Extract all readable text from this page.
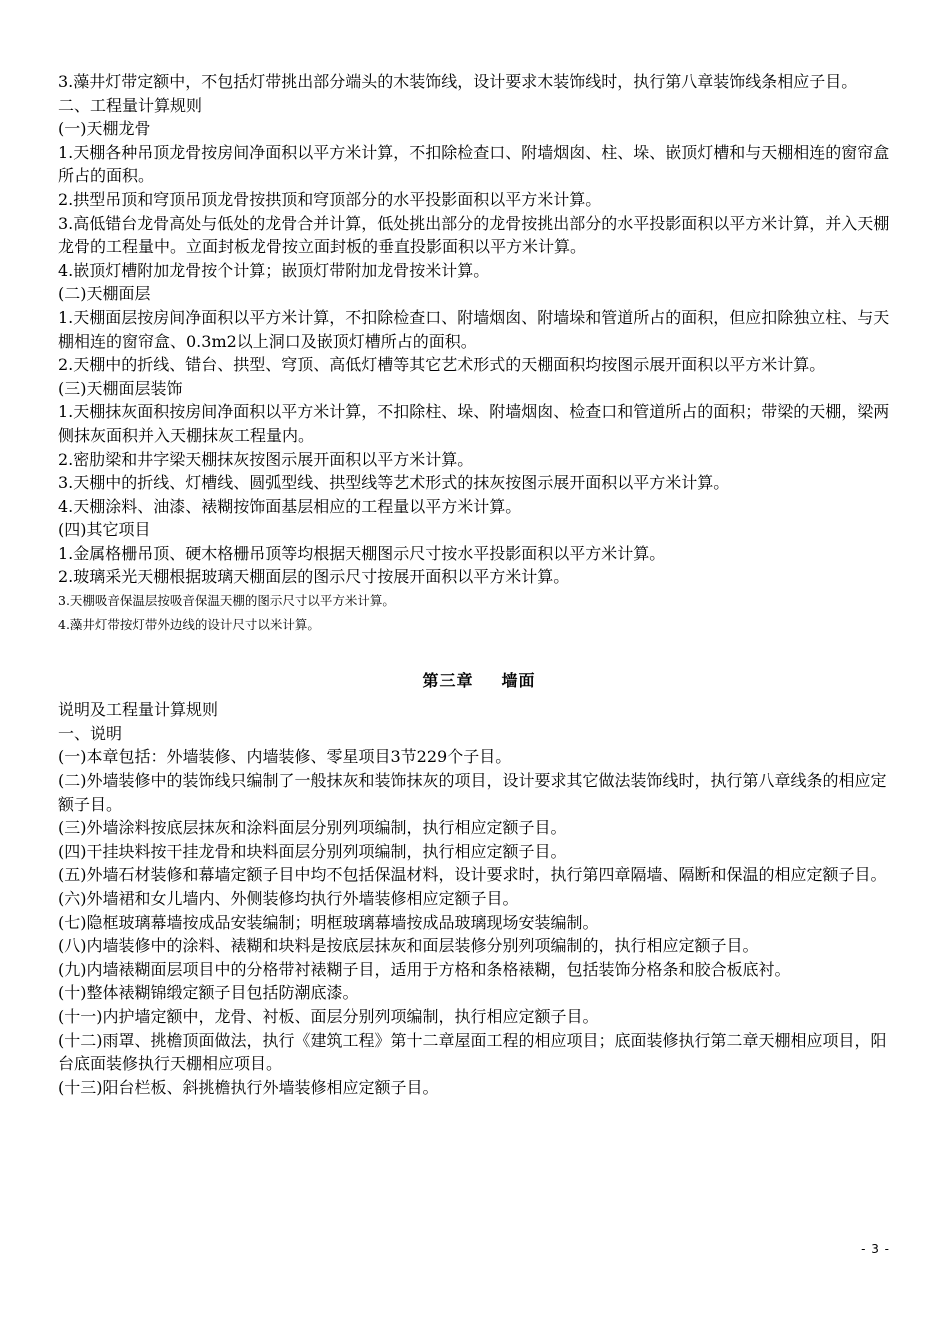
3.藻井灯带定额中，不包括灯带挑出部分端头的木装饰线，设计要求木装饰线时，执行第八章装饰线条相应子目。

二、工程量计算规则

(一)天棚龙骨

1.天棚各种吊顶龙骨按房间净面积以平方米计算，不扣除检查口、附墙烟囱、柱、垛、嵌顶灯槽和与天棚相连的窗帘盒所占的面积。

2.拱型吊顶和穹顶吊顶龙骨按拱顶和穹顶部分的水平投影面积以平方米计算。

3.高低错台龙骨高处与低处的龙骨合并计算，低处挑出部分的龙骨按挑出部分的水平投影面积以平方米计算，并入天棚龙骨的工程量中。立面封板龙骨按立面封板的垂直投影面积以平方米计算。

4.嵌顶灯槽附加龙骨按个计算；嵌顶灯带附加龙骨按米计算。

(二)天棚面层

1.天棚面层按房间净面积以平方米计算，不扣除检查口、附墙烟囱、附墙垛和管道所占的面积，但应扣除独立柱、与天棚相连的窗帘盒、0.3m2以上洞口及嵌顶灯槽所占的面积。

2.天棚中的折线、错台、拱型、穹顶、高低灯槽等其它艺术形式的天棚面积均按图示展开面积以平方米计算。

(三)天棚面层装饰

1.天棚抹灰面积按房间净面积以平方米计算，不扣除柱、垛、附墙烟囱、检查口和管道所占的面积；带梁的天棚，梁两侧抹灰面积并入天棚抹灰工程量内。

2.密肋梁和井字梁天棚抹灰按图示展开面积以平方米计算。

3.天棚中的折线、灯槽线、圆弧型线、拱型线等艺术形式的抹灰按图示展开面积以平方米计算。

4.天棚涂料、油漆、裱糊按饰面基层相应的工程量以平方米计算。

(四)其它项目

1.金属格栅吊顶、硬木格栅吊顶等均根据天棚图示尺寸按水平投影面积以平方米计算。

2.玻璃采光天棚根据玻璃天棚面层的图示尺寸按展开面积以平方米计算。

3.天棚吸音保温层按吸音保温天棚的图示尺寸以平方米计算。

4.藻井灯带按灯带外边线的设计尺寸以米计算。

第三章 墙面

说明及工程量计算规则

一、说明

(一)本章包括：外墙装修、内墙装修、零星项目3节229个子目。

(二)外墙装修中的装饰线只编制了一般抹灰和装饰抹灰的项目，设计要求其它做法装饰线时，执行第八章线条的相应定额子目。

(三)外墙涂料按底层抹灰和涂料面层分别列项编制，执行相应定额子目。

(四)干挂块料按干挂龙骨和块料面层分别列项编制，执行相应定额子目。

(五)外墙石材装修和幕墙定额子目中均不包括保温材料，设计要求时，执行第四章隔墙、隔断和保温的相应定额子目。

(六)外墙裙和女儿墙内、外侧装修均执行外墙装修相应定额子目。

(七)隐框玻璃幕墙按成品安装编制；明框玻璃幕墙按成品玻璃现场安装编制。

(八)内墙装修中的涂料、裱糊和块料是按底层抹灰和面层装修分别列项编制的，执行相应定额子目。

(九)内墙裱糊面层项目中的分格带衬裱糊子目，适用于方格和条格裱糊，包括装饰分格条和胶合板底衬。

(十)整体裱糊锦缎定额子目包括防潮底漆。

(十一)内护墙定额中，龙骨、衬板、面层分别列项编制，执行相应定额子目。

(十二)雨罩、挑檐顶面做法，执行《建筑工程》第十二章屋面工程的相应项目；底面装修执行第二章天棚相应项目，阳台底面装修执行天棚相应项目。

(十三)阳台栏板、斜挑檐执行外墙装修相应定额子目。

- 3 -
